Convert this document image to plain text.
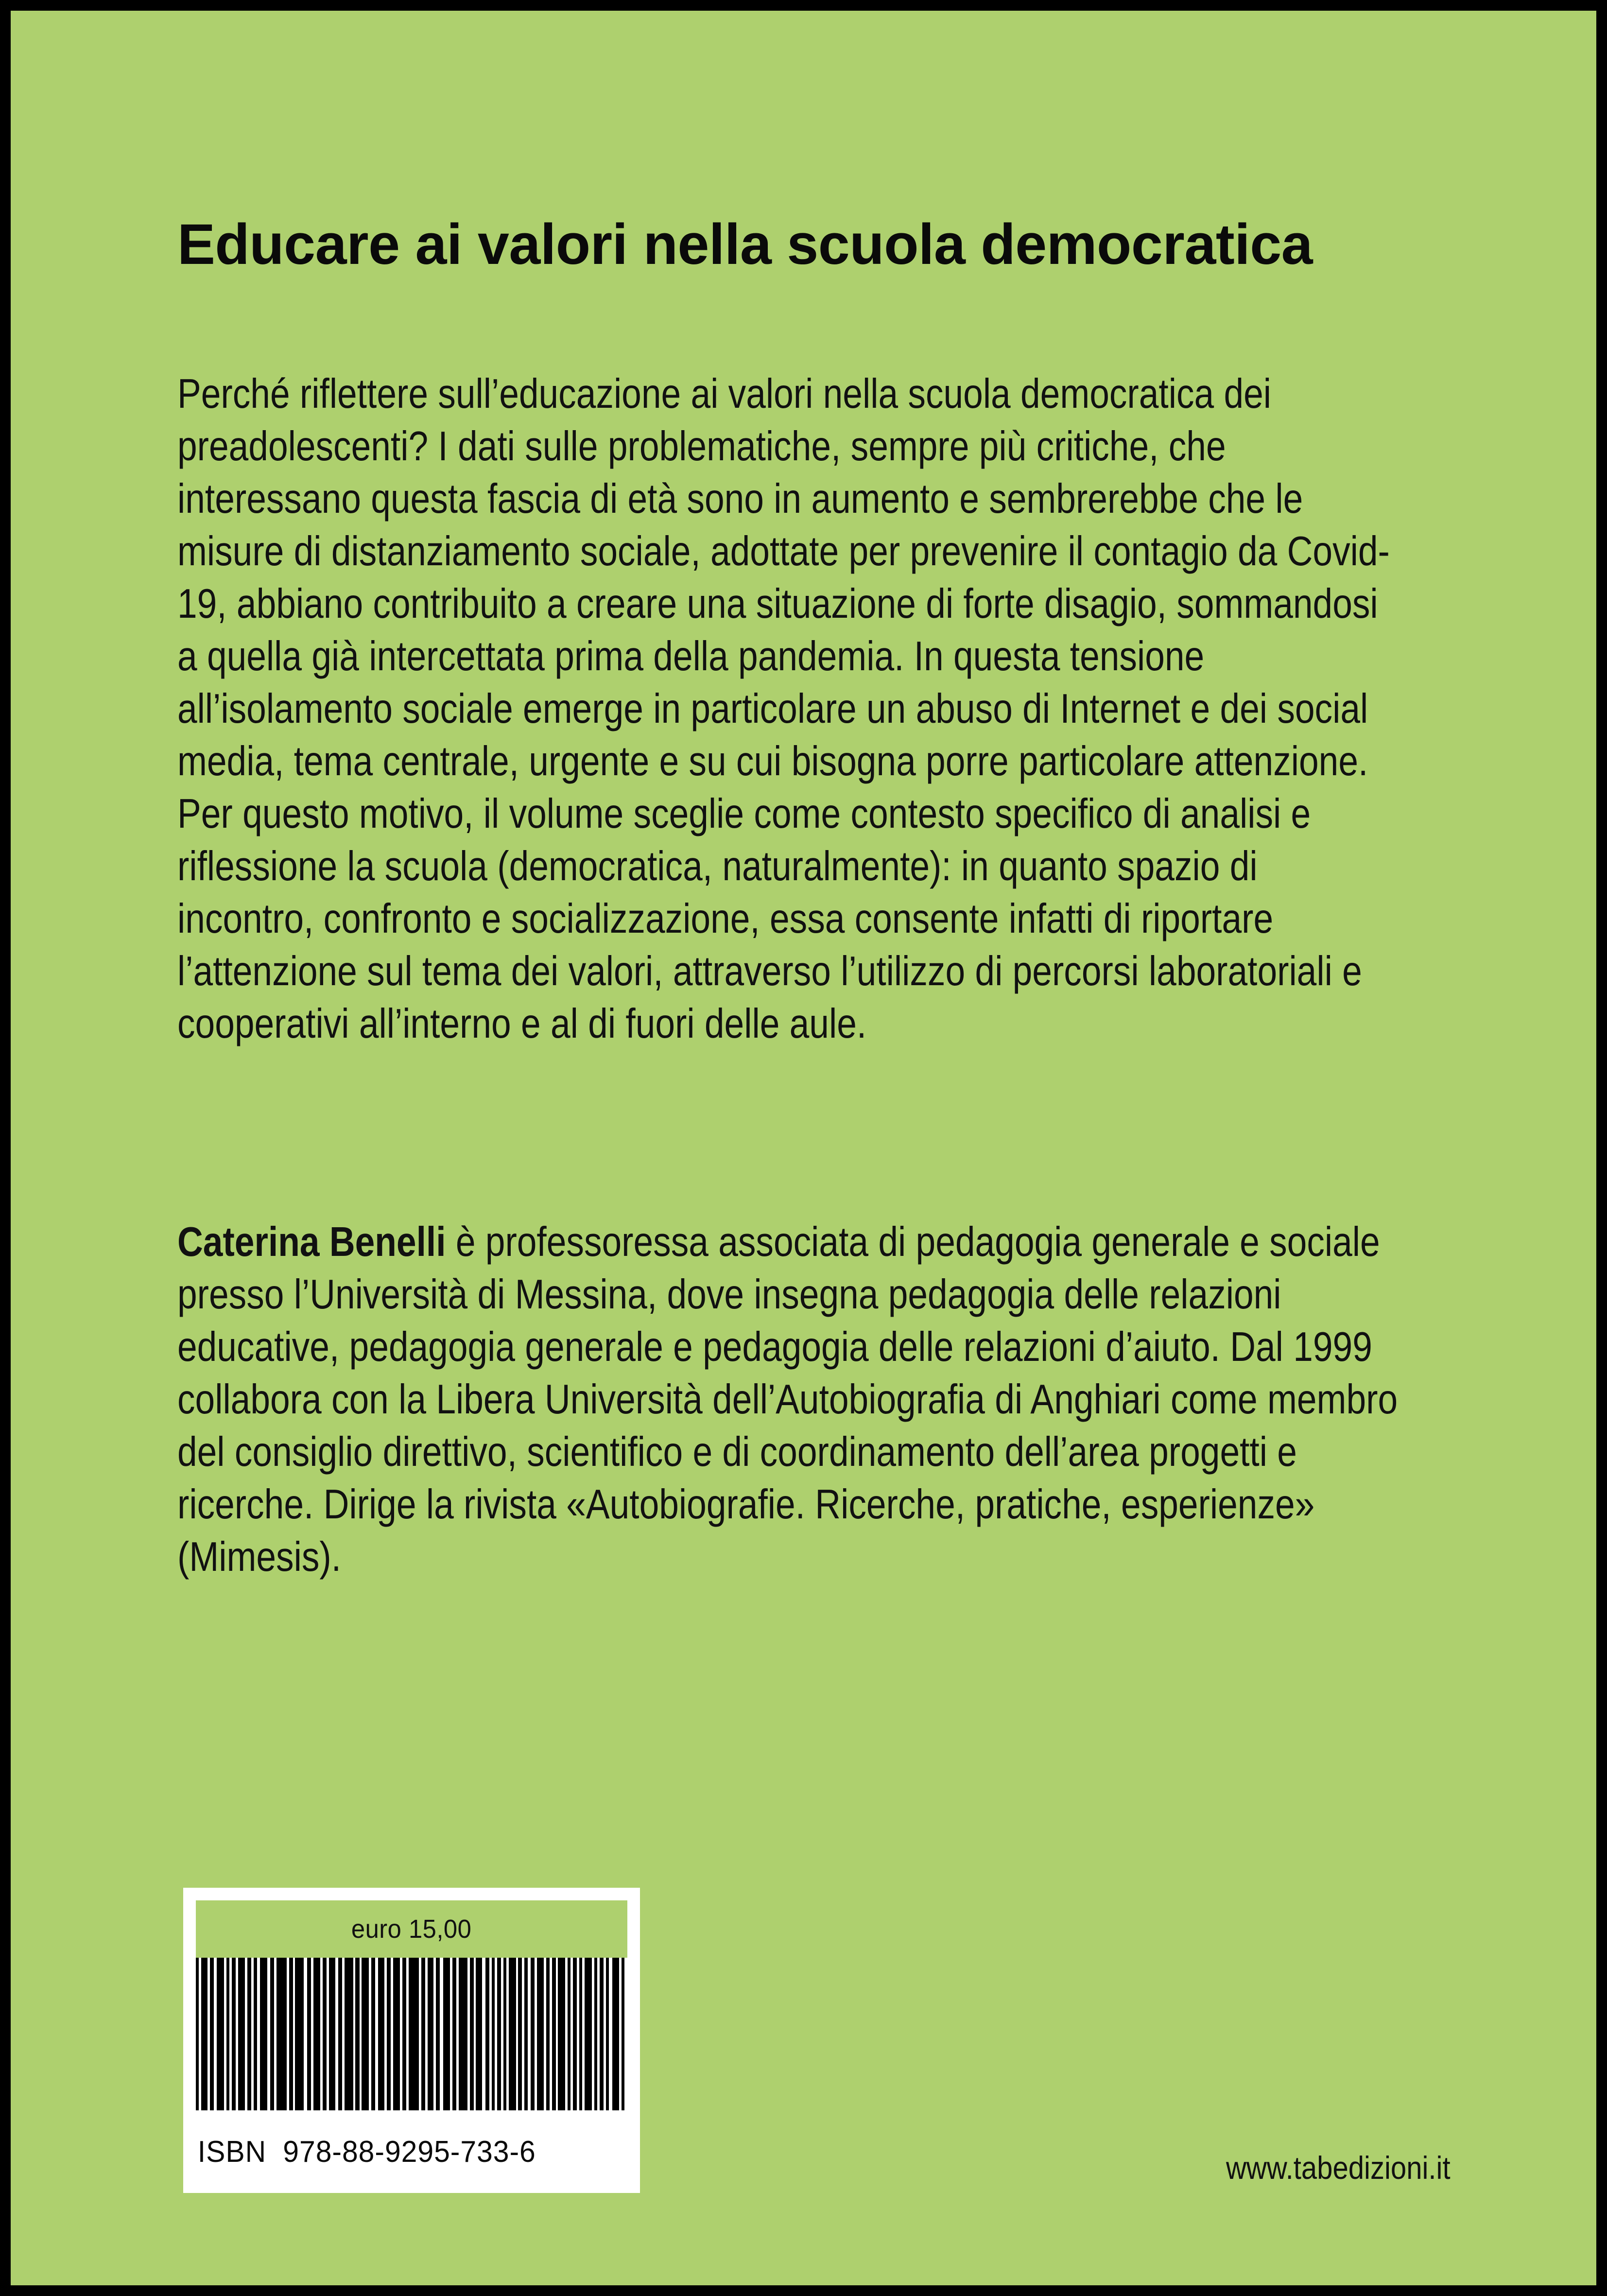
Educare ai valori nella scuola democratica
Perché riflettere sull’educazione ai valori nella scuola democratica dei preadolescenti? I dati sulle problematiche, sempre più critiche, che interessano questa fascia di età sono in aumento e sembrerebbe che le misure di distanziamento sociale, adottate per prevenire il contagio da Covid-19, abbiano contribuito a creare una situazione di forte disagio, sommandosi a quella già intercettata prima della pandemia. In questa tensione all’isolamento sociale emerge in particolare un abuso di Internet e dei social media, tema centrale, urgente e su cui bisogna porre particolare attenzione. Per questo motivo, il volume sceglie come contesto specifico di analisi e riflessione la scuola (democratica, naturalmente): in quanto spazio di incontro, confronto e socializzazione, essa consente infatti di riportare l’attenzione sul tema dei valori, attraverso l’utilizzo di percorsi laboratoriali e cooperativi all’interno e al di fuori delle aule.
Caterina Benelli è professoressa associata di pedagogia generale e sociale presso l’Università di Messina, dove insegna pedagogia delle relazioni educative, pedagogia generale e pedagogia delle relazioni d’aiuto. Dal 1999 collabora con la Libera Università dell’Autobiografia di Anghiari come membro del consiglio direttivo, scientifico e di coordinamento dell’area progetti e ricerche. Dirige la rivista «Autobiografie. Ricerche, pratiche, esperienze» (Mimesis).
euro 15,00
ISBN 978-88-9295-733-6	www.tabedizioni.it
